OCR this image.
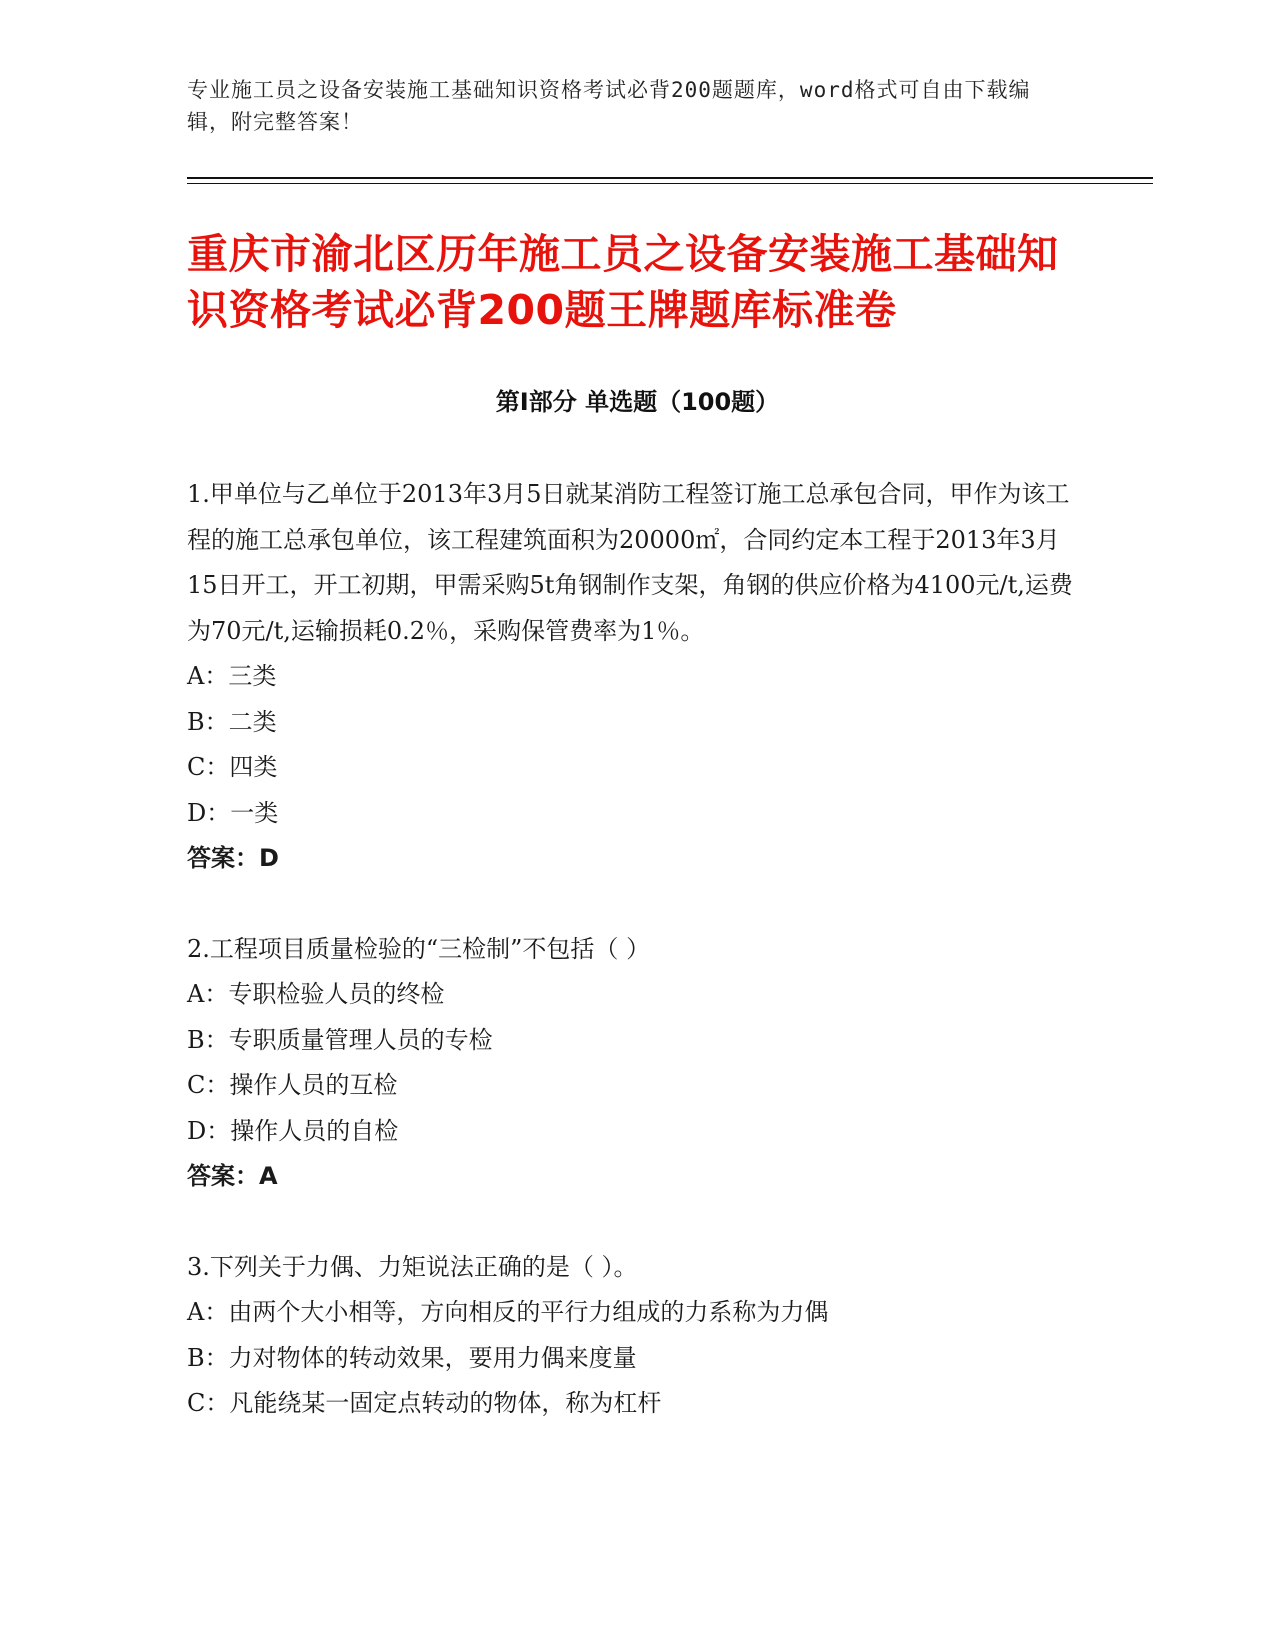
专业施工员之设备安装施工基础知识资格考试必背200题题库，word格式可自由下载编辑，附完整答案！
重庆市渝北区历年施工员之设备安装施工基础知识资格考试必背200题王牌题库标准卷
第Ⅰ部分 单选题（100题）
1.甲单位与乙单位于2013年3月5日就某消防工程签订施工总承包合同，甲作为该工程的施工总承包单位，该工程建筑面积为20000㎡，合同约定本工程于2013年3月15日开工，开工初期，甲需采购5t角钢制作支架，角钢的供应价格为4100元/t,运费为70元/t,运输损耗0.2％，采购保管费率为1％。
A：三类
B：二类
C：四类
D：一类
答案：D
2.工程项目质量检验的“三检制”不包括（ ）
A：专职检验人员的终检
B：专职质量管理人员的专检
C：操作人员的互检
D：操作人员的自检
答案：A
3.下列关于力偶、力矩说法正确的是（ ）。
A：由两个大小相等，方向相反的平行力组成的力系称为力偶
B：力对物体的转动效果，要用力偶来度量
C：凡能绕某一固定点转动的物体，称为杠杆
